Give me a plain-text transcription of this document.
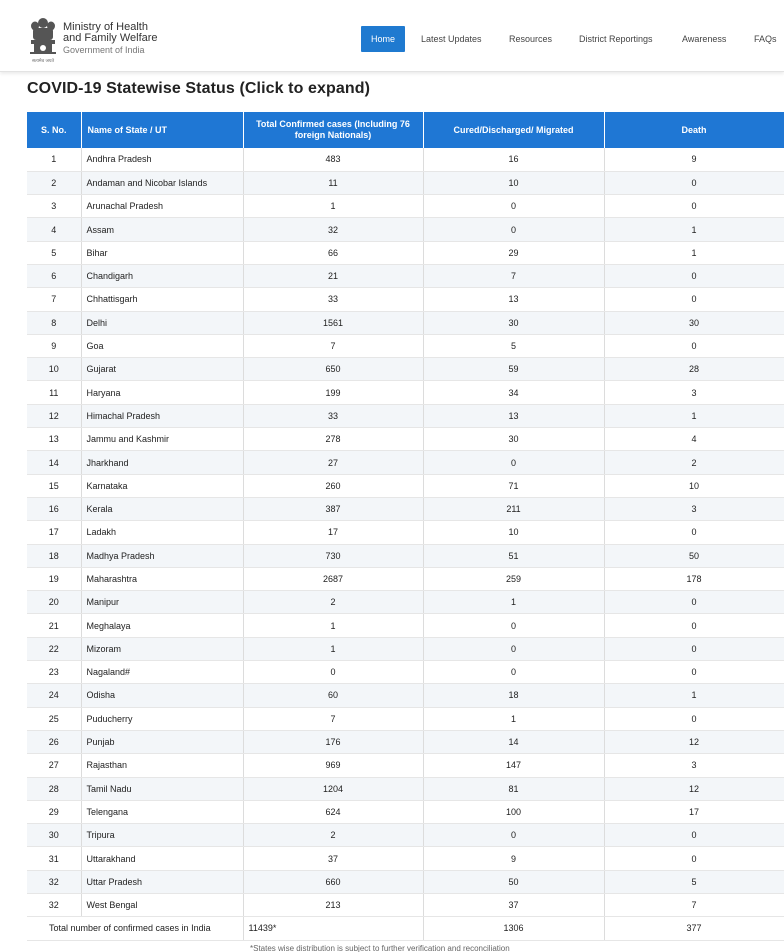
सत्यमेव जयते
Ministry of Health
and Family Welfare
Government of India
Home	Latest Updates	Resources	District Reportings	Awareness	FAQs
COVID-19 Statewise Status (Click to expand)
S. No.	Name of State / UT	Total Confirmed cases (Including 76 foreign Nationals)	Cured/Discharged/ Migrated	Death
1	Andhra Pradesh	483	16	9
2	Andaman and Nicobar Islands	11	10	0
3	Arunachal Pradesh	1	0	0
4	Assam	32	0	1
5	Bihar	66	29	1
6	Chandigarh	21	7	0
7	Chhattisgarh	33	13	0
8	Delhi	1561	30	30
9	Goa	7	5	0
10	Gujarat	650	59	28
11	Haryana	199	34	3
12	Himachal Pradesh	33	13	1
13	Jammu and Kashmir	278	30	4
14	Jharkhand	27	0	2
15	Karnataka	260	71	10
16	Kerala	387	211	3
17	Ladakh	17	10	0
18	Madhya Pradesh	730	51	50
19	Maharashtra	2687	259	178
20	Manipur	2	1	0
21	Meghalaya	1	0	0
22	Mizoram	1	0	0
23	Nagaland#	0	0	0
24	Odisha	60	18	1
25	Puducherry	7	1	0
26	Punjab	176	14	12
27	Rajasthan	969	147	3
28	Tamil Nadu	1204	81	12
29	Telengana	624	100	17
30	Tripura	2	0	0
31	Uttarakhand	37	9	0
32	Uttar Pradesh	660	50	5
32	West Bengal	213	37	7
Total number of confirmed cases in India		11439*	1306	377
*States wise distribution is subject to further verification and reconciliation
